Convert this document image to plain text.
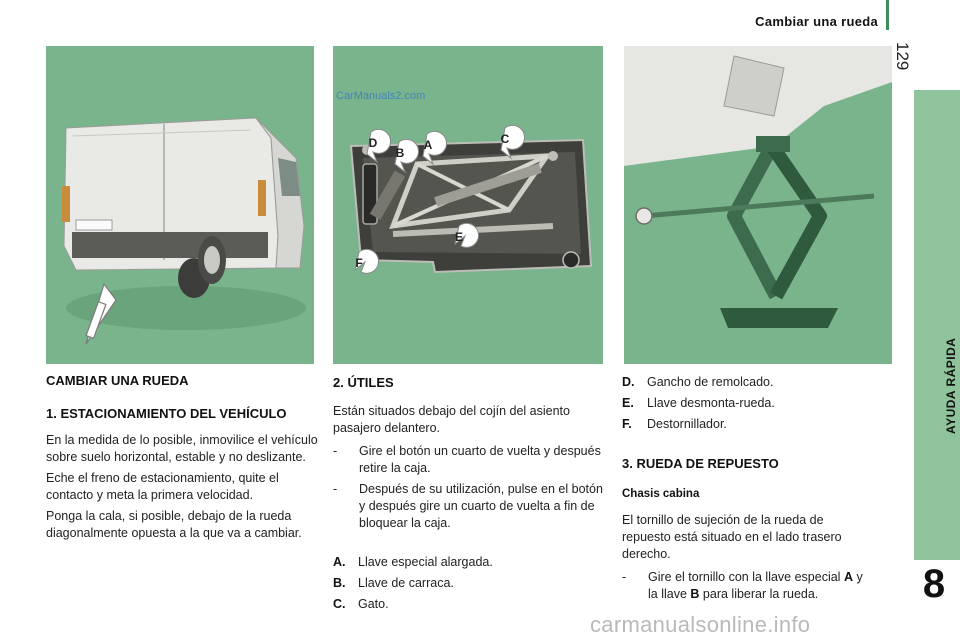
Cambiar una rueda
129
AYUDA RÁPIDA
8
D
B
A	C
E
F
CarManuals2.com
carmanualsonline.info
CAMBIAR UNA RUEDA
1. ESTACIONAMIENTO DEL VEHÍCULO

En la medida de lo posible, inmovilice el vehículo sobre suelo horizontal, estable y no deslizante.

Eche el freno de estacionamiento, quite el contacto y meta la primera velocidad.

Ponga la cala, si posible, debajo de la rueda diagonalmente opuesta a la que va a cambiar.

2. ÚTILES

Están situados debajo del cojín del asiento pasajero delantero.

-	Gire el botón un cuarto de vuelta y después retire la caja.
-	Después de su utilización, pulse en el botón y después gire un cuarto de vuelta a fin de bloquear la caja.
A.	Llave especial alargada.
B.	Llave de carraca.
C.	Gato.
D.	Gancho de remolcado.
E.	Llave desmonta-rueda.
F.	Destornillador.
3. RUEDA DE REPUESTO
Chasis cabina

El tornillo de sujeción de la rueda de repuesto está situado en el lado trasero derecho.

-	Gire el tornillo con la llave especial A y la llave B para liberar la rueda.
